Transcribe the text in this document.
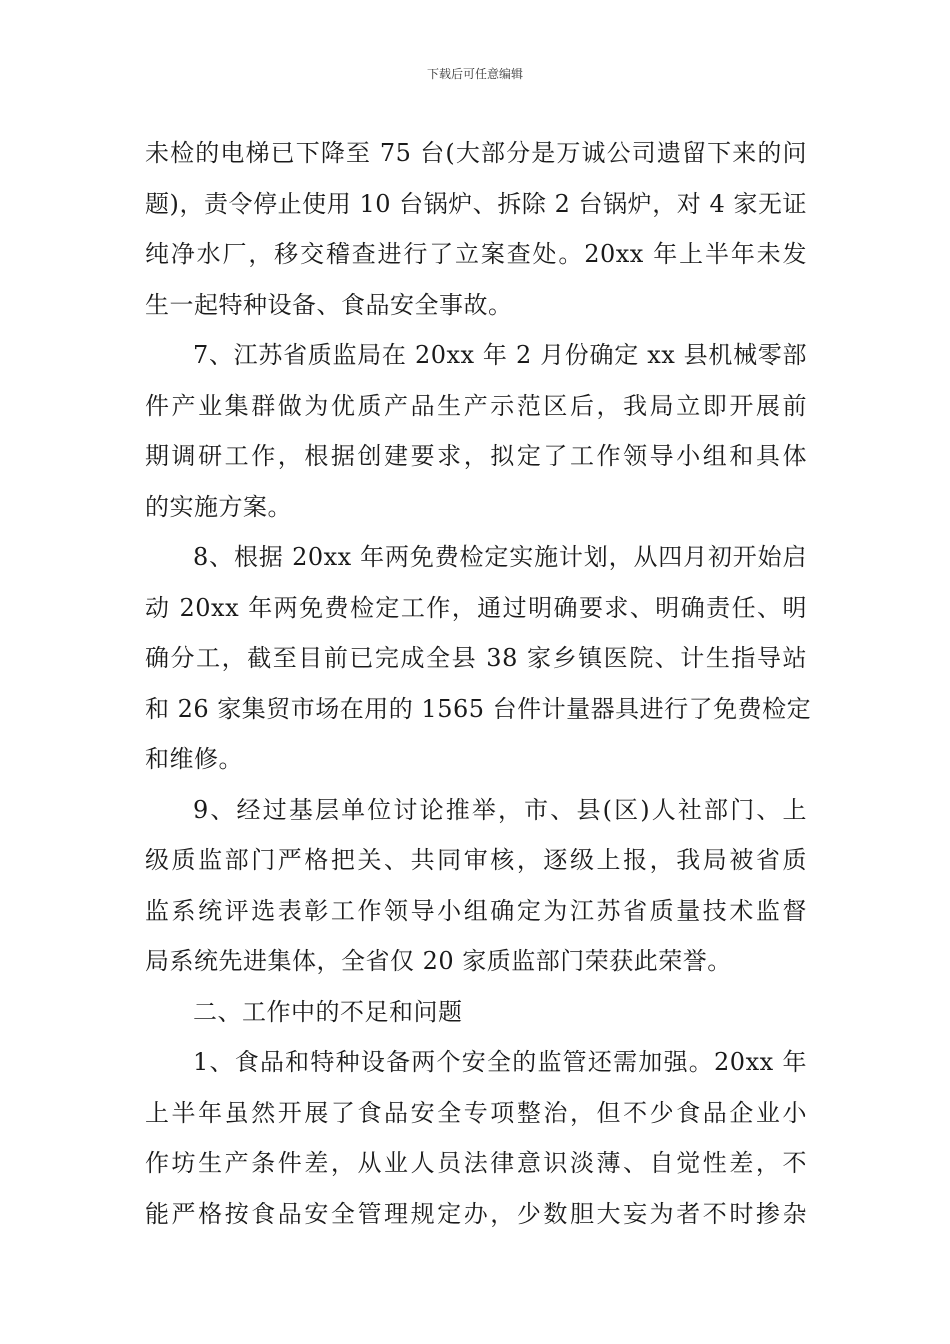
下载后可任意编辑
未检的电梯已下降至 75 台(大部分是万诚公司遗留下来的问
题)，责令停止使用 10 台锅炉、拆除 2 台锅炉，对 4 家无证
纯净水厂，移交稽查进行了立案查处。20xx 年上半年未发
生一起特种设备、食品安全事故。
7、江苏省质监局在 20xx 年 2 月份确定 xx 县机械零部
件产业集群做为优质产品生产示范区后，我局立即开展前
期调研工作，根据创建要求，拟定了工作领导小组和具体
的实施方案。
8、根据 20xx 年两免费检定实施计划，从四月初开始启
动 20xx 年两免费检定工作，通过明确要求、明确责任、明
确分工，截至目前已完成全县 38 家乡镇医院、计生指导站
和 26 家集贸市场在用的 1565 台件计量器具进行了免费检定
和维修。
9、经过基层单位讨论推举，市、县(区)人社部门、上
级质监部门严格把关、共同审核，逐级上报，我局被省质
监系统评选表彰工作领导小组确定为江苏省质量技术监督
局系统先进集体，全省仅 20 家质监部门荣获此荣誉。
二、工作中的不足和问题
1、食品和特种设备两个安全的监管还需加强。20xx 年
上半年虽然开展了食品安全专项整治，但不少食品企业小
作坊生产条件差，从业人员法律意识淡薄、自觉性差，不
能严格按食品安全管理规定办，少数胆大妄为者不时掺杂
